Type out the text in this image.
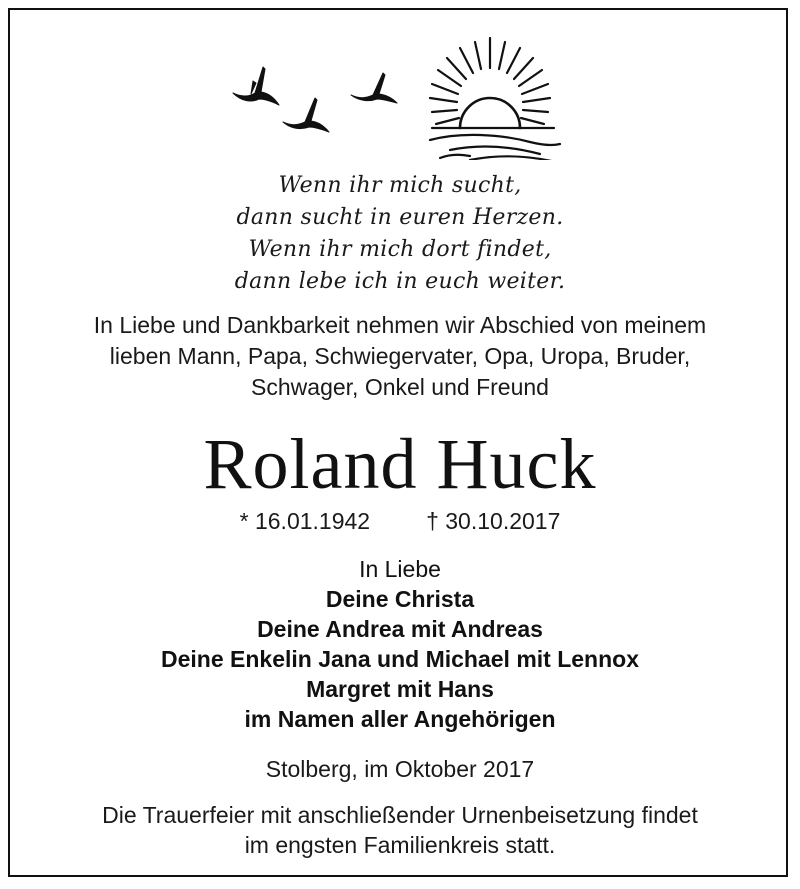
Wenn ihr mich sucht,
dann sucht in euren Herzen.
Wenn ihr mich dort findet,
dann lebe ich in euch weiter.
In Liebe und Dankbarkeit nehmen wir Abschied von meinem
lieben Mann, Papa, Schwiegervater, Opa, Uropa, Bruder,
Schwager, Onkel und Freund
Roland Huck
* 16.01.1942 † 30.10.2017
In Liebe
Deine Christa
Deine Andrea mit Andreas
Deine Enkelin Jana und Michael mit Lennox
Margret mit Hans
im Namen aller Angehörigen
Stolberg, im Oktober 2017
Die Trauerfeier mit anschließender Urnenbeisetzung findet
im engsten Familienkreis statt.
